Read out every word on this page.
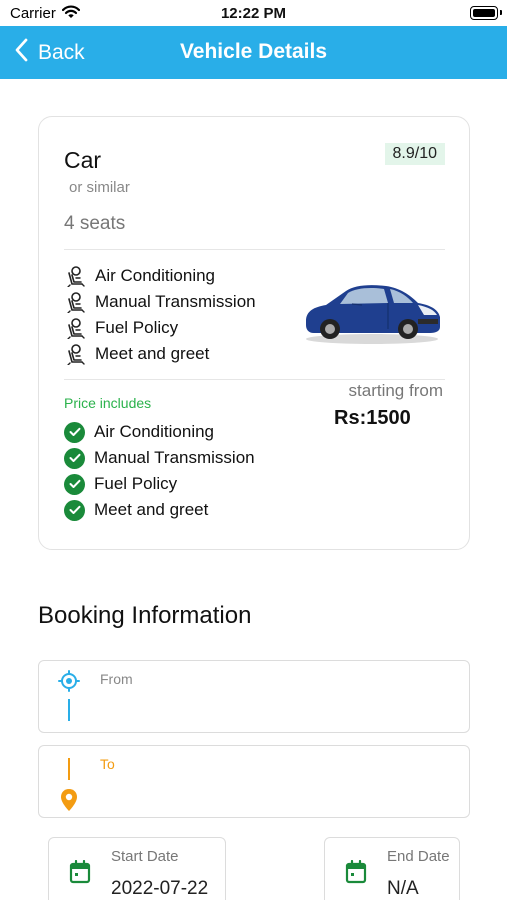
Carrier	12:22 PM
Back	Vehicle Details
Car
or similar
8.9/10
4 seats
Air Conditioning
Manual Transmission
Fuel Policy
Meet and greet
starting from
Rs:1500
Price includes
Air Conditioning
Manual Transmission
Fuel Policy
Meet and greet
Booking Information
From
To
Start Date
2022-07-22
End Date
N/A
